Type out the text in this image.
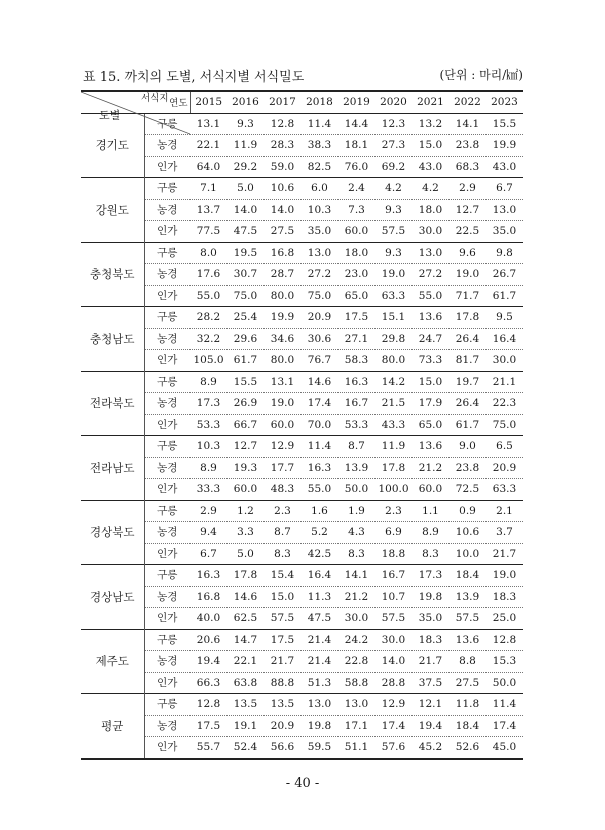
표 15. 까치의 도별, 서식지별 서식밀도	(단위 : 마리/㎢)
연도
도별
서식지		2015	2016	2017	2018	2019	2020	2021	2022	2023
경기도	구릉	13.1	9.3	12.8	11.4	14.4	12.3	13.2	14.1	15.5
	농경	22.1	11.9	28.3	38.3	18.1	27.3	15.0	23.8	19.9
	인가	64.0	29.2	59.0	82.5	76.0	69.2	43.0	68.3	43.0
강원도	구릉	7.1	5.0	10.6	6.0	2.4	4.2	4.2	2.9	6.7
	농경	13.7	14.0	14.0	10.3	7.3	9.3	18.0	12.7	13.0
	인가	77.5	47.5	27.5	35.0	60.0	57.5	30.0	22.5	35.0
충청북도	구릉	8.0	19.5	16.8	13.0	18.0	9.3	13.0	9.6	9.8
	농경	17.6	30.7	28.7	27.2	23.0	19.0	27.2	19.0	26.7
	인가	55.0	75.0	80.0	75.0	65.0	63.3	55.0	71.7	61.7
충청남도	구릉	28.2	25.4	19.9	20.9	17.5	15.1	13.6	17.8	9.5
	농경	32.2	29.6	34.6	30.6	27.1	29.8	24.7	26.4	16.4
	인가	105.0	61.7	80.0	76.7	58.3	80.0	73.3	81.7	30.0
전라북도	구릉	8.9	15.5	13.1	14.6	16.3	14.2	15.0	19.7	21.1
	농경	17.3	26.9	19.0	17.4	16.7	21.5	17.9	26.4	22.3
	인가	53.3	66.7	60.0	70.0	53.3	43.3	65.0	61.7	75.0
전라남도	구릉	10.3	12.7	12.9	11.4	8.7	11.9	13.6	9.0	6.5
	농경	8.9	19.3	17.7	16.3	13.9	17.8	21.2	23.8	20.9
	인가	33.3	60.0	48.3	55.0	50.0	100.0	60.0	72.5	63.3
경상북도	구릉	2.9	1.2	2.3	1.6	1.9	2.3	1.1	0.9	2.1
	농경	9.4	3.3	8.7	5.2	4.3	6.9	8.9	10.6	3.7
	인가	6.7	5.0	8.3	42.5	8.3	18.8	8.3	10.0	21.7
경상남도	구릉	16.3	17.8	15.4	16.4	14.1	16.7	17.3	18.4	19.0
	농경	16.8	14.6	15.0	11.3	21.2	10.7	19.8	13.9	18.3
	인가	40.0	62.5	57.5	47.5	30.0	57.5	35.0	57.5	25.0
제주도	구릉	20.6	14.7	17.5	21.4	24.2	30.0	18.3	13.6	12.8
	농경	19.4	22.1	21.7	21.4	22.8	14.0	21.7	8.8	15.3
	인가	66.3	63.8	88.8	51.3	58.8	28.8	37.5	27.5	50.0
평균	구릉	12.8	13.5	13.5	13.0	13.0	12.9	12.1	11.8	11.4
	농경	17.5	19.1	20.9	19.8	17.1	17.4	19.4	18.4	17.4
	인가	55.7	52.4	56.6	59.5	51.1	57.6	45.2	52.6	45.0
- 40 -
